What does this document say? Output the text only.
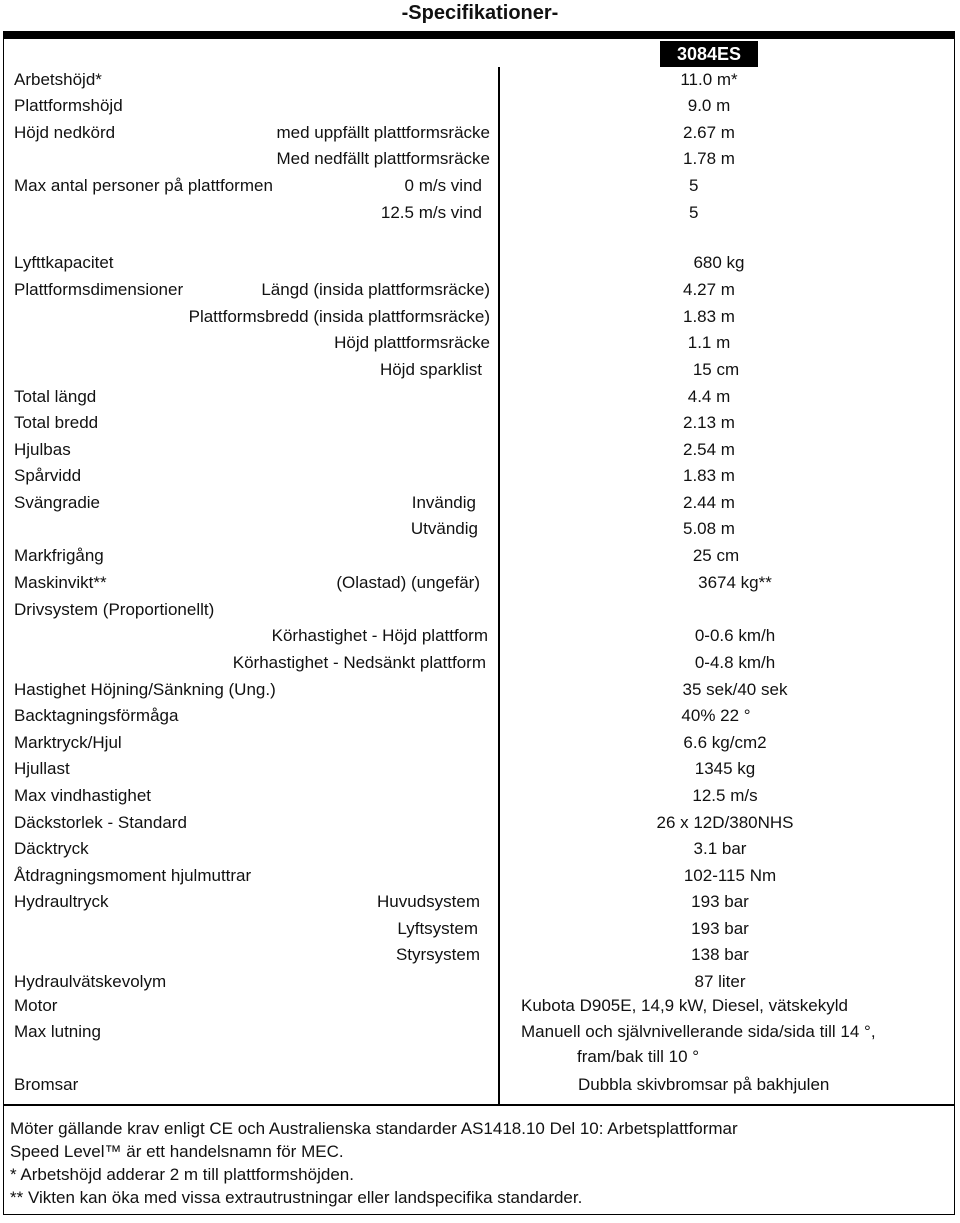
-Specifikationer-
3084ES
Arbetshöjd*	11.0 m*
Plattformshöjd	9.0 m
Höjd nedkörd	med uppfällt plattformsräcke	2.67 m
Med nedfällt plattformsräcke	1.78 m
Max antal personer på plattformen	0 m/s vind	5
12.5 m/s vind	5
Lyfttkapacitet	680 kg
Plattformsdimensioner	Längd (insida plattformsräcke)	4.27 m
Plattformsbredd (insida plattformsräcke)	1.83 m
Höjd plattformsräcke	1.1 m
Höjd sparklist	15 cm
Total längd	4.4 m
Total bredd	2.13 m
Hjulbas	2.54 m
Spårvidd	1.83 m
Svängradie	Invändig	2.44 m
Utvändig	5.08 m
Markfrigång	25 cm
Maskinvikt**	(Olastad) (ungefär)	3674 kg**
Drivsystem (Proportionellt)
Körhastighet - Höjd plattform	0-0.6 km/h
Körhastighet - Nedsänkt plattform	0-4.8 km/h
Hastighet Höjning/Sänkning (Ung.)	35 sek/40 sek
Backtagningsförmåga	40% 22 °
Marktryck/Hjul	6.6 kg/cm2
Hjullast	1345 kg
Max vindhastighet	12.5 m/s
Däckstorlek - Standard	26 x 12D/380NHS
Däcktryck	3.1 bar
Åtdragningsmoment hjulmuttrar	102-115 Nm
Hydraultryck	Huvudsystem	193 bar
Lyftsystem	193 bar
Styrsystem	138 bar
Hydraulvätskevolym	87 liter
Motor	Kubota D905E, 14,9 kW, Diesel, vätskekyld
Max lutning	Manuell och självnivellerande sida/sida till 14 °,
fram/bak till 10 °
Bromsar	Dubbla skivbromsar på bakhjulen
Möter gällande krav enligt CE och Australienska standarder AS1418.10 Del 10: Arbetsplattformar
Speed Level™ är ett handelsnamn för MEC.
* Arbetshöjd adderar 2 m till plattformshöjden.
** Vikten kan öka med vissa extrautrustningar eller landspecifika standarder.
